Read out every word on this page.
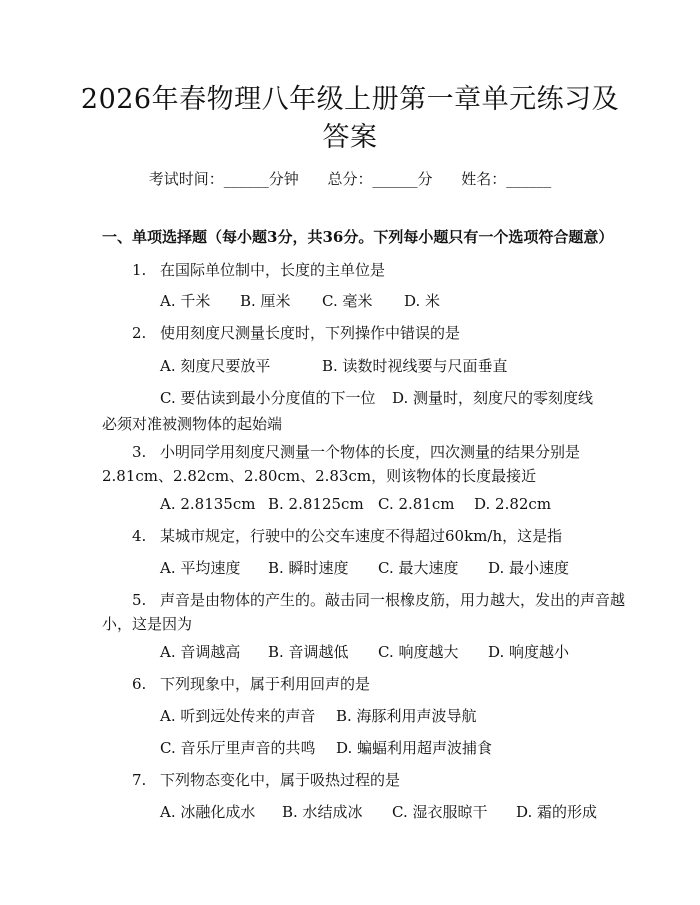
2026年春物理八年级上册第一章单元练习及
答案
考试时间：______分钟 总分：______分 姓名：______
一、单项选择题（每小题3分，共36分。下列每小题只有一个选项符合题意）
1. 在国际单位制中，长度的主单位是
A. 千米 B. 厘米 C. 毫米 D. 米
2. 使用刻度尺测量长度时，下列操作中错误的是
A. 刻度尺要放平	B. 读数时视线要与尺面垂直
C. 要估读到最小分度值的下一位	D. 测量时，刻度尺的零刻度线必须对准被测物体的起始端
3. 小明同学用刻度尺测量一个物体的长度，四次测量的结果分别是
2.81cm、2.82cm、2.80cm、2.83cm，则该物体的长度最接近
A. 2.8135cm B. 2.8125cm C. 2.81cm D. 2.82cm
4. 某城市规定，行驶中的公交车速度不得超过60km/h，这是指
A. 平均速度 B. 瞬时速度 C. 最大速度 D. 最小速度
5. 声音是由物体的产生的。敲击同一根橡皮筋，用力越大，发出的声音越
小，这是因为
A. 音调越高 B. 音调越低 C. 响度越大 D. 响度越小
6. 下列现象中，属于利用回声的是
A. 听到远处传来的声音 B. 海豚利用声波导航
C. 音乐厅里声音的共鸣 D. 蝙蝠利用超声波捕食
7. 下列物态变化中，属于吸热过程的是
A. 冰融化成水 B. 水结成冰 C. 湿衣服晾干 D. 霜的形成
